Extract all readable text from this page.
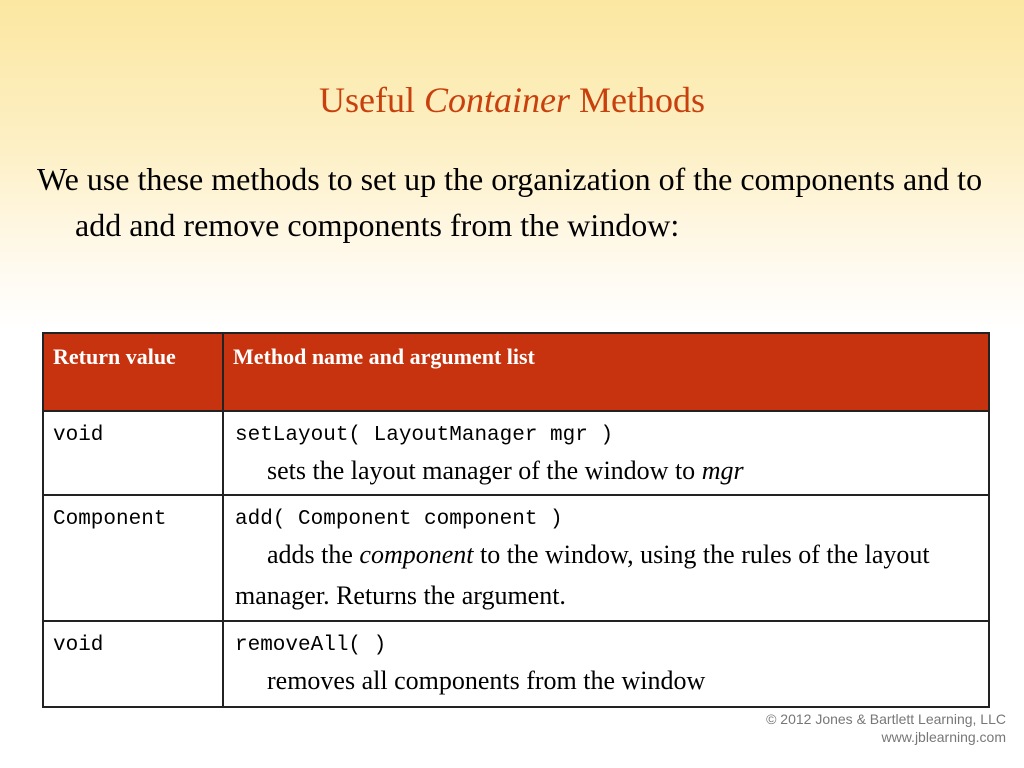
Useful Container Methods
We use these methods to set up the organization of the components and to add and remove components from the window:
Return value	Method name and argument list
void	setLayout( LayoutManager mgr )
sets the layout manager of the window to mgr

Component	add( Component component )
adds the component to the window, using the rules of the layout manager. Returns the argument.

void	removeAll( )
removes all components from the window
© 2012 Jones & Bartlett Learning, LLC
www.jblearning.com
